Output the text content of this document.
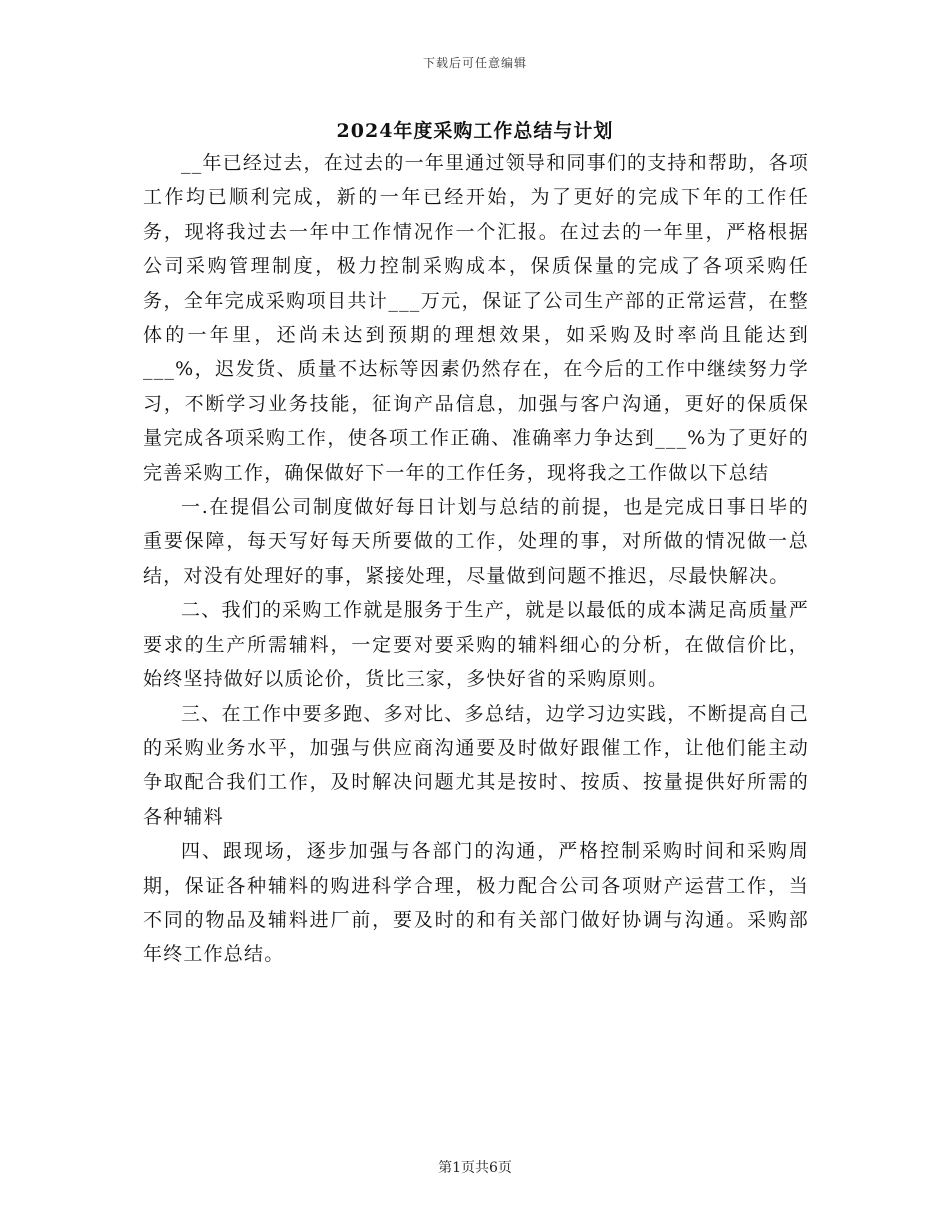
下载后可任意编辑
2024年度采购工作总结与计划

__年已经过去，在过去的一年里通过领导和同事们的支持和帮助，各项工作均已顺利完成，新的一年已经开始，为了更好的完成下年的工作任务，现将我过去一年中工作情况作一个汇报。在过去的一年里，严格根据公司采购管理制度，极力控制采购成本，保质保量的完成了各项采购任务，全年完成采购项目共计___万元，保证了公司生产部的正常运营，在整体的一年里，还尚未达到预期的理想效果，如采购及时率尚且能达到___%，迟发货、质量不达标等因素仍然存在，在今后的工作中继续努力学习，不断学习业务技能，征询产品信息，加强与客户沟通，更好的保质保量完成各项采购工作，使各项工作正确、准确率力争达到___%为了更好的完善采购工作，确保做好下一年的工作任务，现将我之工作做以下总结

一.在提倡公司制度做好每日计划与总结的前提，也是完成日事日毕的重要保障，每天写好每天所要做的工作，处理的事，对所做的情况做一总结，对没有处理好的事，紧接处理，尽量做到问题不推迟，尽最快解决。

二、我们的采购工作就是服务于生产，就是以最低的成本满足高质量严要求的生产所需辅料，一定要对要采购的辅料细心的分析，在做信价比，始终坚持做好以质论价，货比三家，多快好省的采购原则。

三、在工作中要多跑、多对比、多总结，边学习边实践，不断提高自己的采购业务水平，加强与供应商沟通要及时做好跟催工作，让他们能主动争取配合我们工作，及时解决问题尤其是按时、按质、按量提供好所需的各种辅料

四、跟现场，逐步加强与各部门的沟通，严格控制采购时间和采购周期，保证各种辅料的购进科学合理，极力配合公司各项财产运营工作，当不同的物品及辅料进厂前，要及时的和有关部门做好协调与沟通。采购部年终工作总结。

第1页共6页
